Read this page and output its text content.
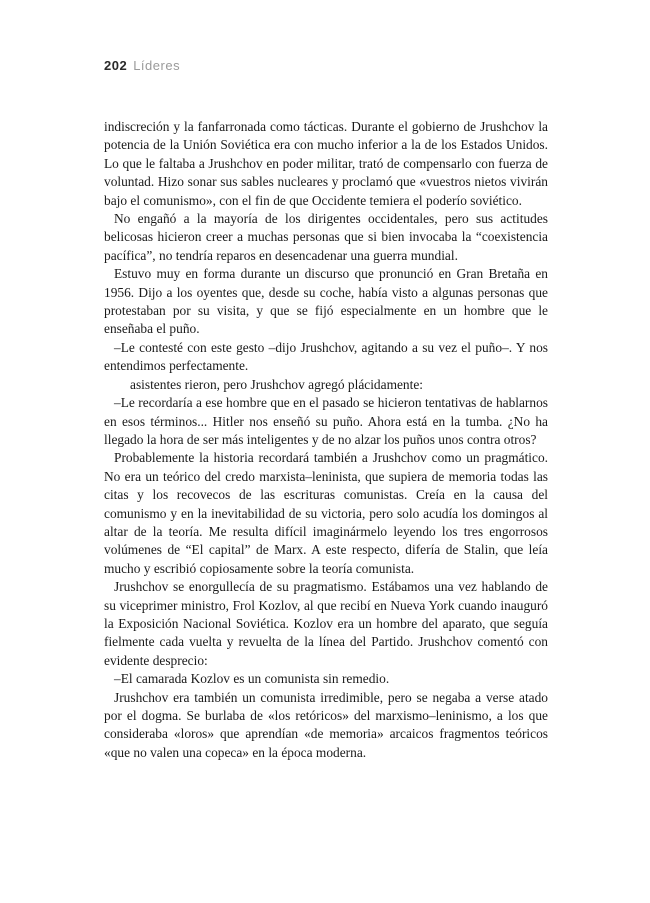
202 Líderes

indiscreción y la fanfarronada como tácticas. Durante el gobierno de Jrushchov la potencia de la Unión Soviética era con mucho inferior a la de los Estados Unidos. Lo que le faltaba a Jrushchov en poder militar, trató de compensarlo con fuerza de voluntad. Hizo sonar sus sables nucleares y proclamó que «vuestros nietos vivirán bajo el comunismo», con el fin de que Occidente temiera el poderío soviético.

No engañó a la mayoría de los dirigentes occidentales, pero sus actitudes belicosas hicieron creer a muchas personas que si bien invocaba la “coexistencia pacífica”, no tendría reparos en desencadenar una guerra mundial.

Estuvo muy en forma durante un discurso que pronunció en Gran Bretaña en 1956. Dijo a los oyentes que, desde su coche, había visto a algunas personas que protestaban por su visita, y que se fijó especialmente en un hombre que le enseñaba el puño.

–Le contesté con este gesto –dijo Jrushchov, agitando a su vez el puño–. Y nos entendimos perfectamente.

asistentes rieron, pero Jrushchov agregó plácidamente:

–Le recordaría a ese hombre que en el pasado se hicieron tentativas de hablarnos en esos términos... Hitler nos enseñó su puño. Ahora está en la tumba. ¿No ha llegado la hora de ser más inteligentes y de no alzar los puños unos contra otros?

Probablemente la historia recordará también a Jrushchov como un pragmático. No era un teórico del credo marxista–leninista, que supiera de memoria todas las citas y los recovecos de las escrituras comunistas. Creía en la causa del comunismo y en la inevitabilidad de su victoria, pero solo acudía los domingos al altar de la teoría. Me resulta difícil imaginármelo leyendo los tres engorrosos volúmenes de “El capital” de Marx. A este respecto, difería de Stalin, que leía mucho y escribió copiosamente sobre la teoría comunista.

Jrushchov se enorgullecía de su pragmatismo. Estábamos una vez hablando de su viceprimer ministro, Frol Kozlov, al que recibí en Nueva York cuando inauguró la Exposición Nacional Soviética. Kozlov era un hombre del aparato, que seguía fielmente cada vuelta y revuelta de la línea del Partido. Jrushchov comentó con evidente desprecio:

–El camarada Kozlov es un comunista sin remedio.

Jrushchov era también un comunista irredimible, pero se negaba a verse atado por el dogma. Se burlaba de «los retóricos» del marxismo–leninismo, a los que consideraba «loros» que aprendían «de memoria» arcaicos fragmentos teóricos «que no valen una copeca» en la época moderna.
